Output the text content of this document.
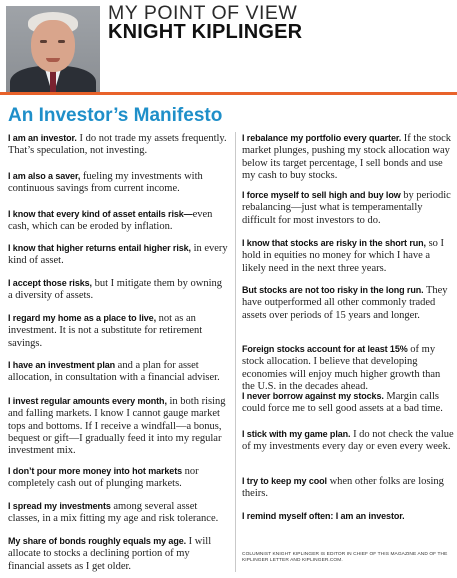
MY POINT OF VIEW
KNIGHT KIPLINGER
An Investor’s Manifesto

I am an investor. I do not trade my assets frequently. That’s speculation, not investing.

I am also a saver, fueling my investments with continuous savings from current income.

I know that every kind of asset entails risk—even cash, which can be eroded by inflation.

I know that higher returns entail higher risk, in every kind of asset.

I accept those risks, but I mitigate them by owning a diversity of assets.

I regard my home as a place to live, not as an investment. It is not a substitute for retirement savings.

I have an investment plan and a plan for asset allocation, in consultation with a financial adviser.

I invest regular amounts every month, in both rising and falling markets. I know I cannot gauge market tops and bottoms. If I receive a windfall—a bonus, bequest or gift—I gradually feed it into my regular investment mix.

I don’t pour more money into hot markets nor completely cash out of plunging markets.

I spread my investments among several asset classes, in a mix fitting my age and risk tolerance.

My share of bonds roughly equals my age. I will allocate to stocks a declining portion of my financial assets as I get older.

I rebalance my portfolio every quarter. If the stock market plunges, pushing my stock allocation way below its target percentage, I sell bonds and use my cash to buy stocks.

I force myself to sell high and buy low by periodic rebalancing—just what is temperamentally difficult for most investors to do.

I know that stocks are risky in the short run, so I hold in equities no money for which I have a likely need in the next three years.

But stocks are not too risky in the long run. They have outperformed all other commonly traded assets over periods of 15 years and longer.

Foreign stocks account for at least 15% of my stock allocation. I believe that developing economies will enjoy much higher growth than the U.S. in the decades ahead.

I never borrow against my stocks. Margin calls could force me to sell good assets at a bad time.

I stick with my game plan. I do not check the value of my investments every day or even every week.

I try to keep my cool when other folks are losing theirs.

I remind myself often: I am an investor.

COLUMNIST KNIGHT KIPLINGER IS EDITOR IN CHIEF OF THIS MAGAZINE AND OF THE KIPLINGER LETTER AND KIPLINGER.COM.
